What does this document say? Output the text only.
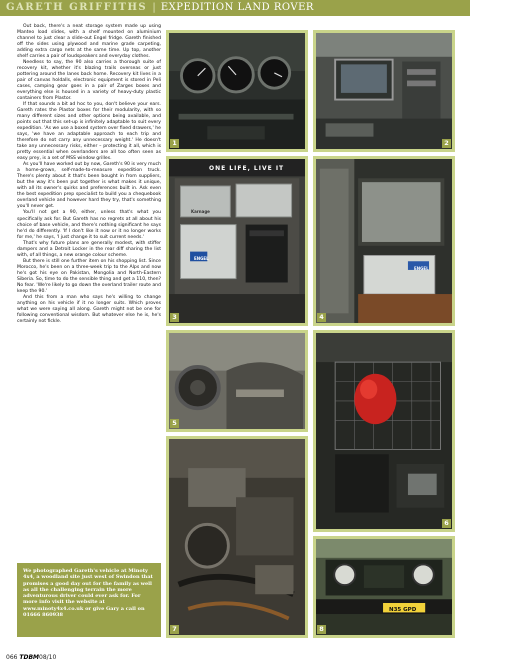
GARETH GRIFFITHS | EXPEDITION LAND ROVER

Out back, there's a neat storage system made up using Manteo load slides, with a shelf mounted on aluminium channel to just clear a slide-out Engel fridge. Gareth finished off the sides using plywood and marine grade carpeting, adding extra cargo nets at the same time. Up top, another shelf carries a pair of loudspeakers and everyday clothes.

Needless to say, the 90 also carries a thorough suite of recovery kit, whether it's blazing trails overseas or just pottering around the lanes back home. Recovery kit lives in a pair of canvas holdalls, electronic equipment is stored in Peli cases, camping gear goes in a pair of Zarges boxes and everything else is housed in a variety of heavy-duty plastic containers from Plastor.

If that sounds a bit ad hoc to you, don't believe your ears. Gareth rates the Plastor boxes for their modularity, with so many different sizes and other options being available, and points out that this set-up is infinitely adaptable to suit every expedition. 'As we use a boxed system over fixed drawers,' he says, 'we have an adaptable approach to each trip and therefore do not carry any unnecessary weight.' He doesn't take any unnecessary risks, either – protecting it all, which is pretty essential when overlanders are all too often seen as easy prey, is a set of MSS window grilles.

As you'll have worked out by now, Gareth's 90 is very much a home-grown, self-made-to-measure expedition truck. There's plenty about it that's been bought in from suppliers, but the way it's been put together is what makes it unique, with all its owner's quirks and preferences built in. Ask even the best expedition prep specialist to build you a chequebook overland vehicle and however hard they try, that's something you'll never get.

You'll not get a 90, either, unless that's what you specifically ask for. But Gareth has no regrets at all about his choice of base vehicle, and there's nothing significant he says he'd do differently. 'If I don't like it now or it no longer works for me,' he says, 'I just change it to suit current needs.'

That's why future plans are generally modest, with stiffer dampers and a Detroit Locker in the rear diff sharing the list with, of all things, a new orange colour scheme.

But there is still one further item on his shopping list. Since Morocco, he's been on a three-week trip to the Alps and now he's got his eye on Pakistan, Mongolia and North-Eastern Siberia. So, time to do the sensible thing and get a 110, then? No fear. 'We're likely to go down the overland trailer route and keep the 90.'

And this from a man who says he's willing to change anything on his vehicle if it no longer suits. Which proves what we were saying all along. Gareth might not be one for following conventional wisdom. But whatever else he is, he's certainly not fickle.

We photographed Gareth's vehicle at Minoty 4x4, a woodland site just west of Swindon that promises a good day out for the family as well as all the challenging terrain the more adventurous driver could ever ask for. For more info visit the website at www.minoty4x4.co.uk or give Gary a call on 01666 860938
066 TDBM08/10
1	2
ONE LIFE, LIVE IT
Karnage
ENGEL
3
ENGEL
4
5
6
7
N35 GPD
8
